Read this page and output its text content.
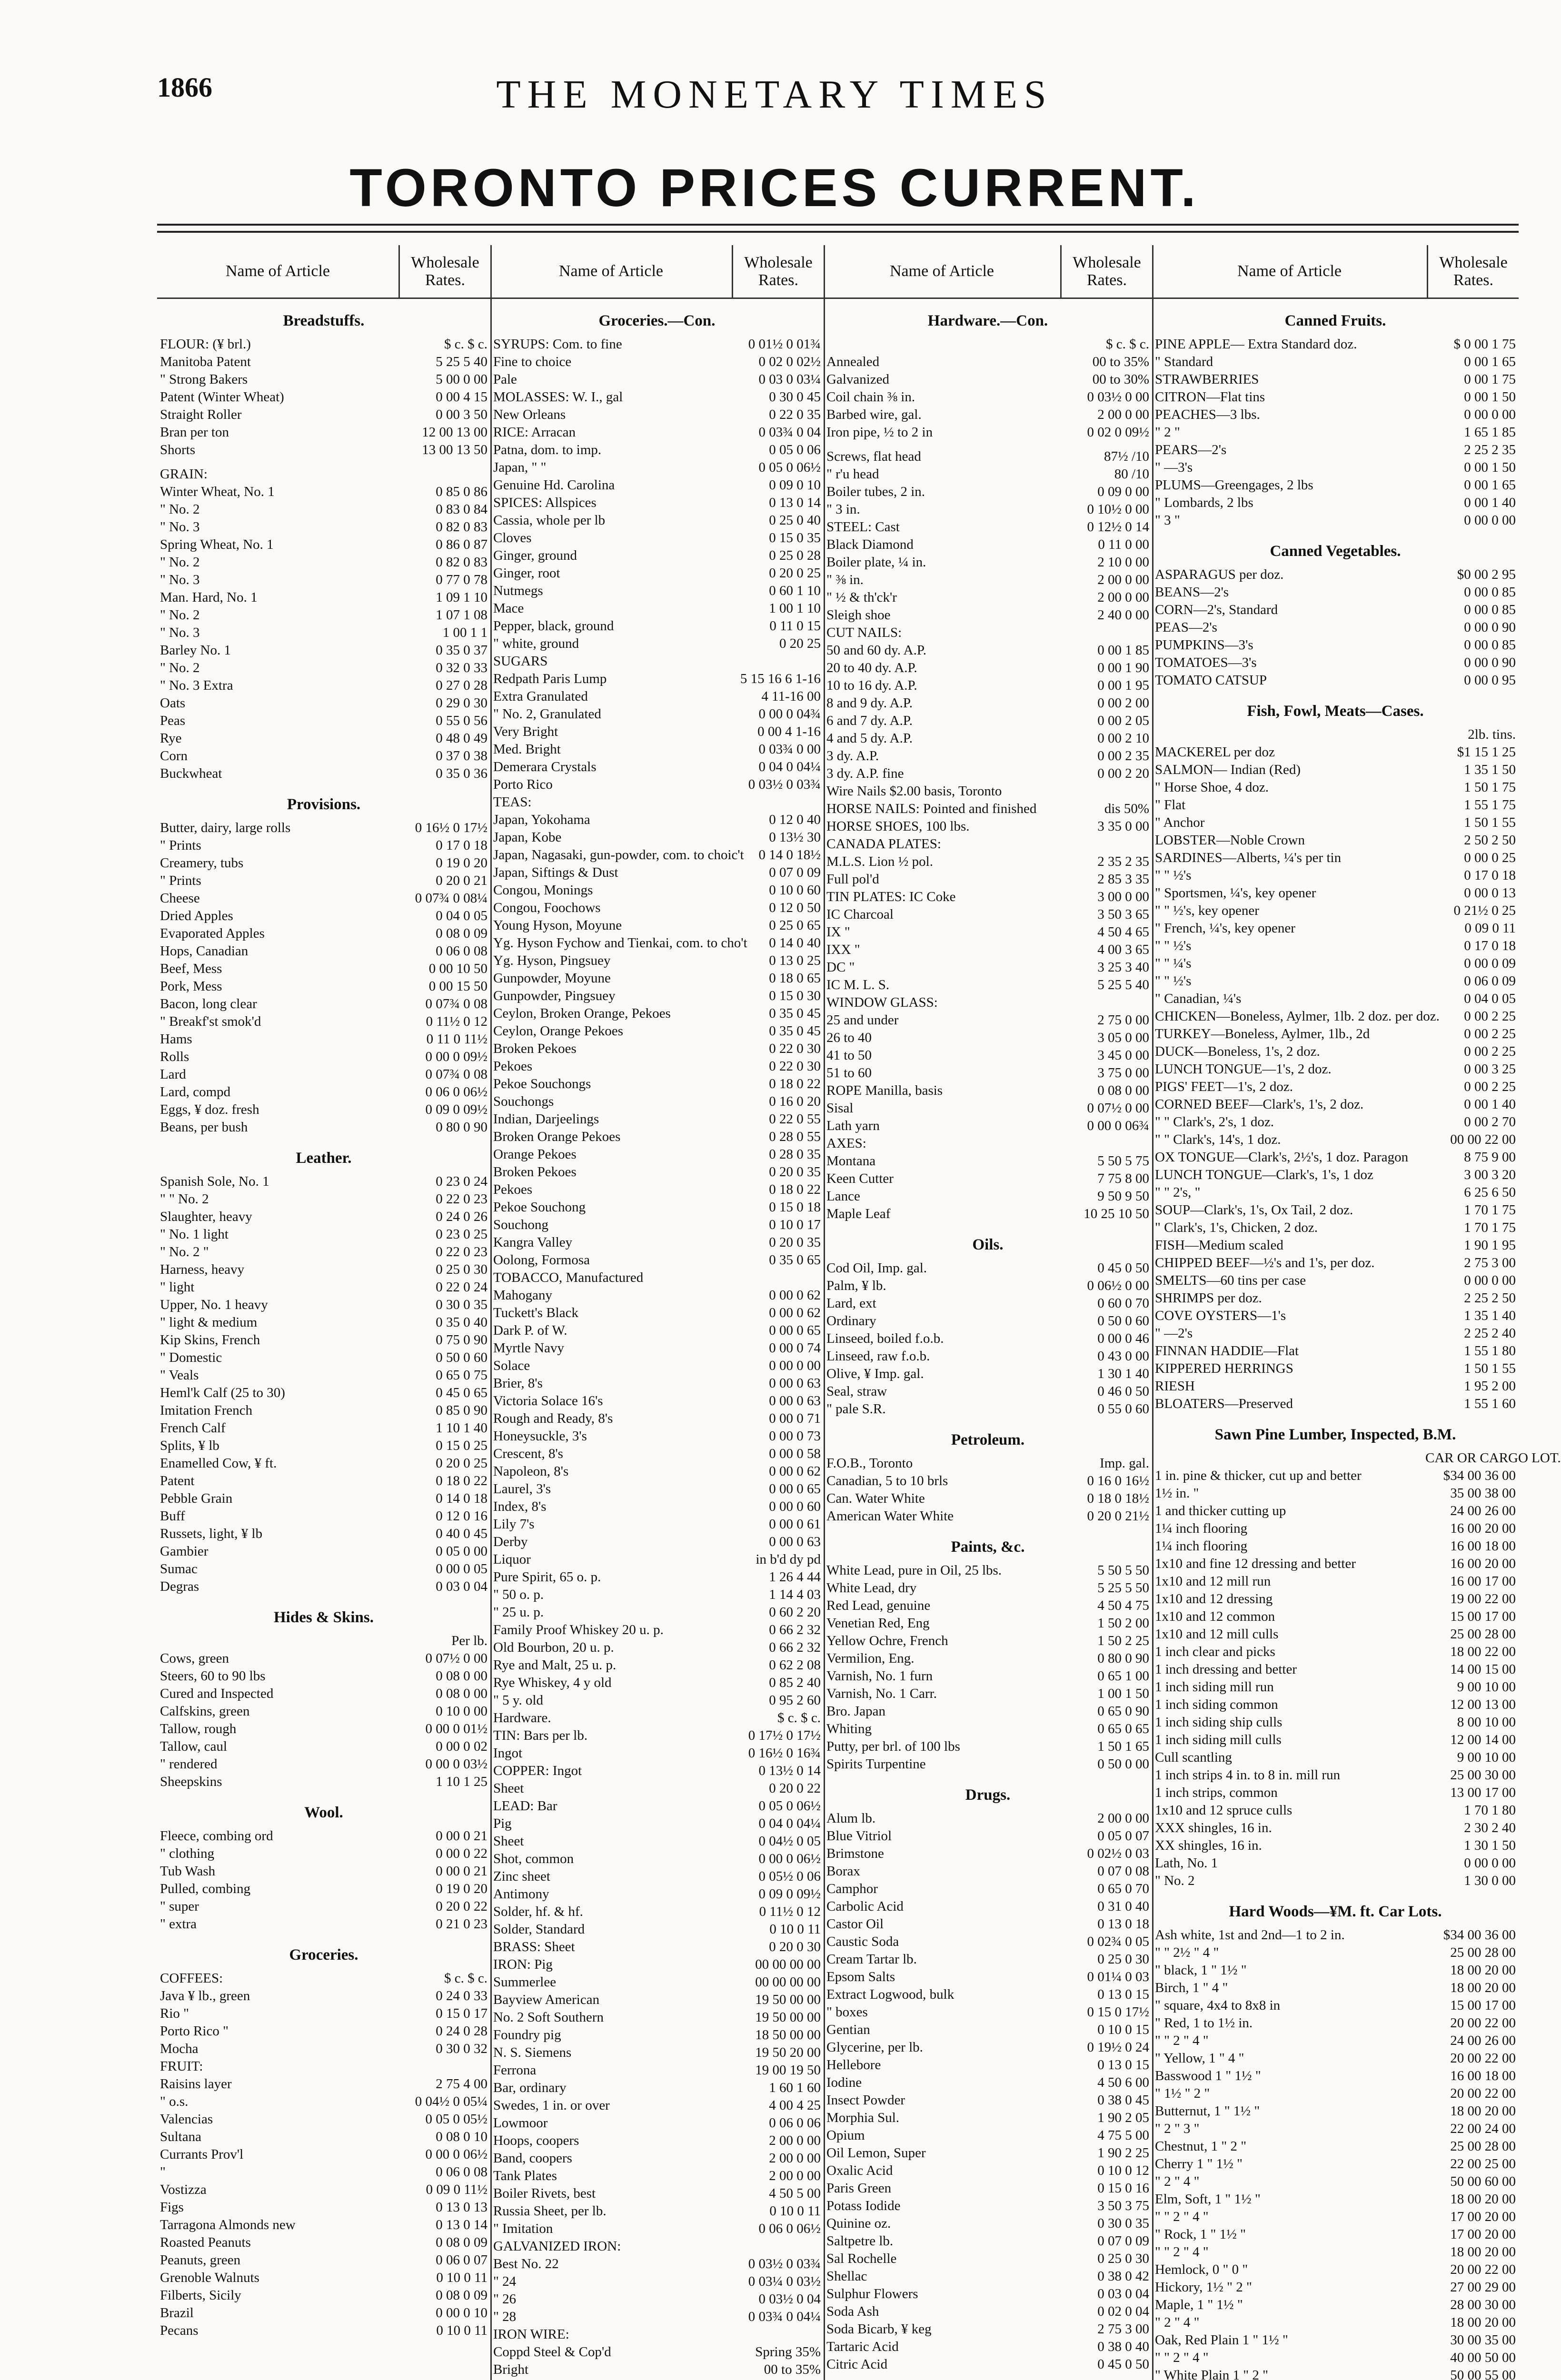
1866	THE MONETARY TIMES
TORONTO PRICES CURRENT.
Name of Article	Wholesale Rates.
Breadstuffs.
FLOUR: (¥ brl.)	$ c. $ c.
Manitoba Patent	5 25 5 40
" Strong Bakers	5 00 0 00
Patent (Winter Wheat)	0 00 4 15
Straight Roller	0 00 3 50
Bran per ton	12 00 13 00
Shorts	13 00 13 50
GRAIN:
Winter Wheat, No. 1	0 85 0 86
" No. 2	0 83 0 84
" No. 3	0 82 0 83
Spring Wheat, No. 1	0 86 0 87
" No. 2	0 82 0 83
" No. 3	0 77 0 78
Man. Hard, No. 1	1 09 1 10
" No. 2	1 07 1 08
" No. 3	1 00 1 1
Barley No. 1	0 35 0 37
" No. 2	0 32 0 33
" No. 3 Extra	0 27 0 28
Oats	0 29 0 30
Peas	0 55 0 56
Rye	0 48 0 49
Corn	0 37 0 38
Buckwheat	0 35 0 36
Provisions.
Butter, dairy, large rolls	0 16½ 0 17½
" Prints	0 17 0 18
Creamery, tubs	0 19 0 20
" Prints	0 20 0 21
Cheese	0 07¾ 0 08¼
Dried Apples	0 04 0 05
Evaporated Apples	0 08 0 09
Hops, Canadian	0 06 0 08
Beef, Mess	0 00 10 50
Pork, Mess	0 00 15 50
Bacon, long clear	0 07¾ 0 08
" Breakf'st smok'd	0 11½ 0 12
Hams	0 11 0 11½
Rolls	0 00 0 09½
Lard	0 07¾ 0 08
Lard, compd	0 06 0 06½
Eggs, ¥ doz. fresh	0 09 0 09½
Beans, per bush	0 80 0 90
Leather.
Spanish Sole, No. 1	0 23 0 24
" " No. 2	0 22 0 23
Slaughter, heavy	0 24 0 26
" No. 1 light	0 23 0 25
" No. 2 "	0 22 0 23
Harness, heavy	0 25 0 30
" light	0 22 0 24
Upper, No. 1 heavy	0 30 0 35
" light & medium	0 35 0 40
Kip Skins, French	0 75 0 90
" Domestic	0 50 0 60
" Veals	0 65 0 75
Heml'k Calf (25 to 30)	0 45 0 65
Imitation French	0 85 0 90
French Calf	1 10 1 40
Splits, ¥ lb	0 15 0 25
Enamelled Cow, ¥ ft.	0 20 0 25
Patent	0 18 0 22
Pebble Grain	0 14 0 18
Buff	0 12 0 16
Russets, light, ¥ lb	0 40 0 45
Gambier	0 05 0 00
Sumac	0 00 0 05
Degras	0 03 0 04
Hides & Skins.
Per lb.
Cows, green	0 07½ 0 00
Steers, 60 to 90 lbs	0 08 0 00
Cured and Inspected	0 08 0 00
Calfskins, green	0 10 0 00
Tallow, rough	0 00 0 01½
Tallow, caul	0 00 0 02
" rendered	0 00 0 03½
Sheepskins	1 10 1 25
Wool.
Fleece, combing ord	0 00 0 21
" clothing	0 00 0 22
Tub Wash	0 00 0 21
Pulled, combing	0 19 0 20
" super	0 20 0 22
" extra	0 21 0 23
Groceries.
COFFEES:	$ c. $ c.
Java ¥ lb., green	0 24 0 33
Rio "	0 15 0 17
Porto Rico "	0 24 0 28
Mocha	0 30 0 32
FRUIT:
Raisins layer	2 75 4 00
" o.s.	0 04½ 0 05¼
Valencias	0 05 0 05½
Sultana	0 08 0 10
Currants Prov'l	0 00 0 06½
"	0 06 0 08
Vostizza	0 09 0 11½
Figs	0 13 0 13
Tarragona Almonds new	0 13 0 14
Roasted Peanuts	0 08 0 09
Peanuts, green	0 06 0 07
Grenoble Walnuts	0 10 0 11
Filberts, Sicily	0 08 0 09
Brazil	0 00 0 10
Pecans	0 10 0 11
Name of Article	Wholesale Rates.
Groceries.—Con.
SYRUPS: Com. to fine	0 01½ 0 01¾
Fine to choice	0 02 0 02½
Pale	0 03 0 03¼
MOLASSES: W. I., gal	0 30 0 45
New Orleans	0 22 0 35
RICE: Arracan	0 03¾ 0 04
Patna, dom. to imp.	0 05 0 06
Japan, " "	0 05 0 06½
Genuine Hd. Carolina	0 09 0 10
SPICES: Allspices	0 13 0 14
Cassia, whole per lb	0 25 0 40
Cloves	0 15 0 35
Ginger, ground	0 25 0 28
Ginger, root	0 20 0 25
Nutmegs	0 60 1 10
Mace	1 00 1 10
Pepper, black, ground	0 11 0 15
" white, ground	0 20 25
SUGARS
Redpath Paris Lump	5 15 16 6 1-16
Extra Granulated	4 11-16 00
" No. 2, Granulated	0 00 0 04¾
Very Bright	0 00 4 1-16
Med. Bright	0 03¾ 0 00
Demerara Crystals	0 04 0 04¼
Porto Rico	0 03½ 0 03¾
TEAS:
Japan, Yokohama	0 12 0 40
Japan, Kobe	0 13½ 30
Japan, Nagasaki, gun-powder, com. to choic't	0 14 0 18½
Japan, Siftings & Dust	0 07 0 09
Congou, Monings	0 10 0 60
Congou, Foochows	0 12 0 50
Young Hyson, Moyune	0 25 0 65
Yg. Hyson Fychow and Tienkai, com. to cho't	0 14 0 40
Yg. Hyson, Pingsuey	0 13 0 25
Gunpowder, Moyune	0 18 0 65
Gunpowder, Pingsuey	0 15 0 30
Ceylon, Broken Orange, Pekoes	0 35 0 45
Ceylon, Orange Pekoes	0 35 0 45
Broken Pekoes	0 22 0 30
Pekoes	0 22 0 30
Pekoe Souchongs	0 18 0 22
Souchongs	0 16 0 20
Indian, Darjeelings	0 22 0 55
Broken Orange Pekoes	0 28 0 55
Orange Pekoes	0 28 0 35
Broken Pekoes	0 20 0 35
Pekoes	0 18 0 22
Pekoe Souchong	0 15 0 18
Souchong	0 10 0 17
Kangra Valley	0 20 0 35
Oolong, Formosa	0 35 0 65
TOBACCO, Manufactured
Mahogany	0 00 0 62
Tuckett's Black	0 00 0 62
Dark P. of W.	0 00 0 65
Myrtle Navy	0 00 0 74
Solace	0 00 0 00
Brier, 8's	0 00 0 63
Victoria Solace 16's	0 00 0 63
Rough and Ready, 8's	0 00 0 71
Honeysuckle, 3's	0 00 0 73
Crescent, 8's	0 00 0 58
Napoleon, 8's	0 00 0 62
Laurel, 3's	0 00 0 65
Index, 8's	0 00 0 60
Lily 7's	0 00 0 61
Derby	0 00 0 63
Liquor	in b'd dy pd
Pure Spirit, 65 o. p.	1 26 4 44
" 50 o. p.	1 14 4 03
" 25 u. p.	0 60 2 20
Family Proof Whiskey 20 u. p.	0 66 2 32
Old Bourbon, 20 u. p.	0 66 2 32
Rye and Malt, 25 u. p.	0 62 2 08
Rye Whiskey, 4 y old	0 85 2 40
" 5 y. old	0 95 2 60
Hardware.	$ c. $ c.
TIN: Bars per lb.	0 17½ 0 17½
Ingot	0 16½ 0 16¾
COPPER: Ingot	0 13½ 0 14
Sheet	0 20 0 22
LEAD: Bar	0 05 0 06½
Pig	0 04 0 04¼
Sheet	0 04½ 0 05
Shot, common	0 00 0 06½
Zinc sheet	0 05½ 0 06
Antimony	0 09 0 09½
Solder, hf. & hf.	0 11½ 0 12
Solder, Standard	0 10 0 11
BRASS: Sheet	0 20 0 30
IRON: Pig	00 00 00 00
Summerlee	00 00 00 00
Bayview American	19 50 00 00
No. 2 Soft Southern	19 50 00 00
Foundry pig	18 50 00 00
N. S. Siemens	19 50 20 00
Ferrona	19 00 19 50
Bar, ordinary	1 60 1 60
Swedes, 1 in. or over	4 00 4 25
Lowmoor	0 06 0 06
Hoops, coopers	2 00 0 00
Band, coopers	2 00 0 00
Tank Plates	2 00 0 00
Boiler Rivets, best	4 50 5 00
Russia Sheet, per lb.	0 10 0 11
" Imitation	0 06 0 06½
GALVANIZED IRON:
Best No. 22	0 03½ 0 03¾
" 24	0 03¼ 0 03½
" 26	0 03½ 0 04
" 28	0 03¾ 0 04¼
IRON WIRE:
Coppd Steel & Cop'd	Spring 35%
Bright	00 to 35%
Name of Article	Wholesale Rates.
Hardware.—Con.
$ c. $ c.
Annealed	00 to 35%
Galvanized	00 to 30%
Coil chain ⅜ in.	0 03½ 0 00
Barbed wire, gal.	2 00 0 00
Iron pipe, ½ to 2 in	0 02 0 09½
Screws, flat head	87½ /10
" r'u head	80 /10
Boiler tubes, 2 in.	0 09 0 00
" 3 in.	0 10½ 0 00
STEEL: Cast	0 12½ 0 14
Black Diamond	0 11 0 00
Boiler plate, ¼ in.	2 10 0 00
" ⅜ in.	2 00 0 00
" ½ & th'ck'r	2 00 0 00
Sleigh shoe	2 40 0 00
CUT NAILS:
50 and 60 dy. A.P.	0 00 1 85
20 to 40 dy. A.P.	0 00 1 90
10 to 16 dy. A.P.	0 00 1 95
8 and 9 dy. A.P.	0 00 2 00
6 and 7 dy. A.P.	0 00 2 05
4 and 5 dy. A.P.	0 00 2 10
3 dy. A.P.	0 00 2 35
3 dy. A.P. fine	0 00 2 20
Wire Nails $2.00 basis, Toronto
HORSE NAILS: Pointed and finished	dis 50%
HORSE SHOES, 100 lbs.	3 35 0 00
CANADA PLATES:
M.L.S. Lion ½ pol.	2 35 2 35
Full pol'd	2 85 3 35
TIN PLATES: IC Coke	3 00 0 00
IC Charcoal	3 50 3 65
IX "	4 50 4 65
IXX "	4 00 3 65
DC "	3 25 3 40
IC M. L. S.	5 25 5 40
WINDOW GLASS:
25 and under	2 75 0 00
26 to 40	3 05 0 00
41 to 50	3 45 0 00
51 to 60	3 75 0 00
ROPE Manilla, basis	0 08 0 00
Sisal	0 07½ 0 00
Lath yarn	0 00 0 06¾
AXES:
Montana	5 50 5 75
Keen Cutter	7 75 8 00
Lance	9 50 9 50
Maple Leaf	10 25 10 50
Oils.
Cod Oil, Imp. gal.	0 45 0 50
Palm, ¥ lb.	0 06½ 0 00
Lard, ext	0 60 0 70
Ordinary	0 50 0 60
Linseed, boiled f.o.b.	0 00 0 46
Linseed, raw f.o.b.	0 43 0 00
Olive, ¥ Imp. gal.	1 30 1 40
Seal, straw	0 46 0 50
" pale S.R.	0 55 0 60
Petroleum.
F.O.B., Toronto	Imp. gal.
Canadian, 5 to 10 brls	0 16 0 16½
Can. Water White	0 18 0 18½
American Water White	0 20 0 21½
Paints, &c.
White Lead, pure in Oil, 25 lbs.	5 50 5 50
White Lead, dry	5 25 5 50
Red Lead, genuine	4 50 4 75
Venetian Red, Eng	1 50 2 00
Yellow Ochre, French	1 50 2 25
Vermilion, Eng.	0 80 0 90
Varnish, No. 1 furn	0 65 1 00
Varnish, No. 1 Carr.	1 00 1 50
Bro. Japan	0 65 0 90
Whiting	0 65 0 65
Putty, per brl. of 100 lbs	1 50 1 65
Spirits Turpentine	0 50 0 00
Drugs.
Alum lb.	2 00 0 00
Blue Vitriol	0 05 0 07
Brimstone	0 02½ 0 03
Borax	0 07 0 08
Camphor	0 65 0 70
Carbolic Acid	0 31 0 40
Castor Oil	0 13 0 18
Caustic Soda	0 02¾ 0 05
Cream Tartar lb.	0 25 0 30
Epsom Salts	0 01¼ 0 03
Extract Logwood, bulk	0 13 0 15
" boxes	0 15 0 17½
Gentian	0 10 0 15
Glycerine, per lb.	0 19½ 0 24
Hellebore	0 13 0 15
Iodine	4 50 6 00
Insect Powder	0 38 0 45
Morphia Sul.	1 90 2 05
Opium	4 75 5 00
Oil Lemon, Super	1 90 2 25
Oxalic Acid	0 10 0 12
Paris Green	0 15 0 16
Potass Iodide	3 50 3 75
Quinine oz.	0 30 0 35
Saltpetre lb.	0 07 0 09
Sal Rochelle	0 25 0 30
Shellac	0 38 0 42
Sulphur Flowers	0 03 0 04
Soda Ash	0 02 0 04
Soda Bicarb, ¥ keg	2 75 3 00
Tartaric Acid	0 38 0 40
Citric Acid	0 45 0 50
Name of Article	Wholesale Rates.
Canned Fruits.
PINE APPLE— Extra Standard doz.	$ 0 00 1 75
" Standard	0 00 1 65
STRAWBERRIES	0 00 1 75
CITRON—Flat tins	0 00 1 50
PEACHES—3 lbs.	0 00 0 00
" 2 "	1 65 1 85
PEARS—2's	2 25 2 35
" —3's	0 00 1 50
PLUMS—Greengages, 2 lbs	0 00 1 65
" Lombards, 2 lbs	0 00 1 40
" 3 "	0 00 0 00
Canned Vegetables.
ASPARAGUS per doz.	$0 00 2 95
BEANS—2's	0 00 0 85
CORN—2's, Standard	0 00 0 85
PEAS—2's	0 00 0 90
PUMPKINS—3's	0 00 0 85
TOMATOES—3's	0 00 0 90
TOMATO CATSUP	0 00 0 95
Fish, Fowl, Meats—Cases.
2lb. tins.
MACKEREL per doz	$1 15 1 25
SALMON— Indian (Red)	1 35 1 50
" Horse Shoe, 4 doz.	1 50 1 75
" Flat	1 55 1 75
" Anchor	1 50 1 55
LOBSTER—Noble Crown	2 50 2 50
SARDINES—Alberts, ¼'s per tin	0 00 0 25
" " ½'s	0 17 0 18
" Sportsmen, ¼'s, key opener	0 00 0 13
" " ½'s, key opener	0 21½ 0 25
" French, ¼'s, key opener	0 09 0 11
" " ½'s	0 17 0 18
" " ¼'s	0 00 0 09
" " ½'s	0 06 0 09
" Canadian, ¼'s	0 04 0 05
CHICKEN—Boneless, Aylmer, 1lb. 2 doz. per doz.	0 00 2 25
TURKEY—Boneless, Aylmer, 1lb., 2d	0 00 2 25
DUCK—Boneless, 1's, 2 doz.	0 00 2 25
LUNCH TONGUE—1's, 2 doz.	0 00 3 25
PIGS' FEET—1's, 2 doz.	0 00 2 25
CORNED BEEF—Clark's, 1's, 2 doz.	0 00 1 40
" " Clark's, 2's, 1 doz.	0 00 2 70
" " Clark's, 14's, 1 doz.	00 00 22 00
OX TONGUE—Clark's, 2½'s, 1 doz. Paragon	8 75 9 00
LUNCH TONGUE—Clark's, 1's, 1 doz	3 00 3 20
" " 2's, "	6 25 6 50
SOUP—Clark's, 1's, Ox Tail, 2 doz.	1 70 1 75
" Clark's, 1's, Chicken, 2 doz.	1 70 1 75
FISH—Medium scaled	1 90 1 95
CHIPPED BEEF—½'s and 1's, per doz.	2 75 3 00
SMELTS—60 tins per case	0 00 0 00
SHRIMPS per doz.	2 25 2 50
COVE OYSTERS—1's	1 35 1 40
" —2's	2 25 2 40
FINNAN HADDIE—Flat	1 55 1 80
KIPPERED HERRINGS	1 50 1 55
RIESH	1 95 2 00
BLOATERS—Preserved	1 55 1 60
Sawn Pine Lumber, Inspected, B.M.
CAR OR CARGO LOT.
1 in. pine & thicker, cut up and better	$34 00 36 00
1½ in. "	35 00 38 00
1 and thicker cutting up	24 00 26 00
1¼ inch flooring	16 00 20 00
1¼ inch flooring	16 00 18 00
1x10 and fine 12 dressing and better	16 00 20 00
1x10 and 12 mill run	16 00 17 00
1x10 and 12 dressing	19 00 22 00
1x10 and 12 common	15 00 17 00
1x10 and 12 mill culls	25 00 28 00
1 inch clear and picks	18 00 22 00
1 inch dressing and better	14 00 15 00
1 inch siding mill run	9 00 10 00
1 inch siding common	12 00 13 00
1 inch siding ship culls	8 00 10 00
1 inch siding mill culls	12 00 14 00
Cull scantling	9 00 10 00
1 inch strips 4 in. to 8 in. mill run	25 00 30 00
1 inch strips, common	13 00 17 00
1x10 and 12 spruce culls	1 70 1 80
XXX shingles, 16 in.	2 30 2 40
XX shingles, 16 in.	1 30 1 50
Lath, No. 1	0 00 0 00
" No. 2	1 30 0 00
Hard Woods—¥M. ft. Car Lots.
Ash white, 1st and 2nd—1 to 2 in.	$34 00 36 00
" " 2½ " 4 "	25 00 28 00
" black, 1 " 1½ "	18 00 20 00
Birch, 1 " 4 "	18 00 20 00
" square, 4x4 to 8x8 in	15 00 17 00
" Red, 1 to 1½ in.	20 00 22 00
" " 2 " 4 "	24 00 26 00
" Yellow, 1 " 4 "	20 00 22 00
Basswood 1 " 1½ "	16 00 18 00
" 1½ " 2 "	20 00 22 00
Butternut, 1 " 1½ "	18 00 20 00
" 2 " 3 "	22 00 24 00
Chestnut, 1 " 2 "	25 00 28 00
Cherry 1 " 1½ "	22 00 25 00
" 2 " 4 "	50 00 60 00
Elm, Soft, 1 " 1½ "	18 00 20 00
" " 2 " 4 "	17 00 20 00
" Rock, 1 " 1½ "	17 00 20 00
" " 2 " 4 "	18 00 20 00
Hemlock, 0 " 0 "	20 00 22 00
Hickory, 1½ " 2 "	27 00 29 00
Maple, 1 " 1½ "	28 00 30 00
" 2 " 4 "	18 00 20 00
Oak, Red Plain 1 " 1½ "	30 00 35 00
" " 2 " 4 "	40 00 50 00
" White Plain 1 " 2 "	50 00 55 00
